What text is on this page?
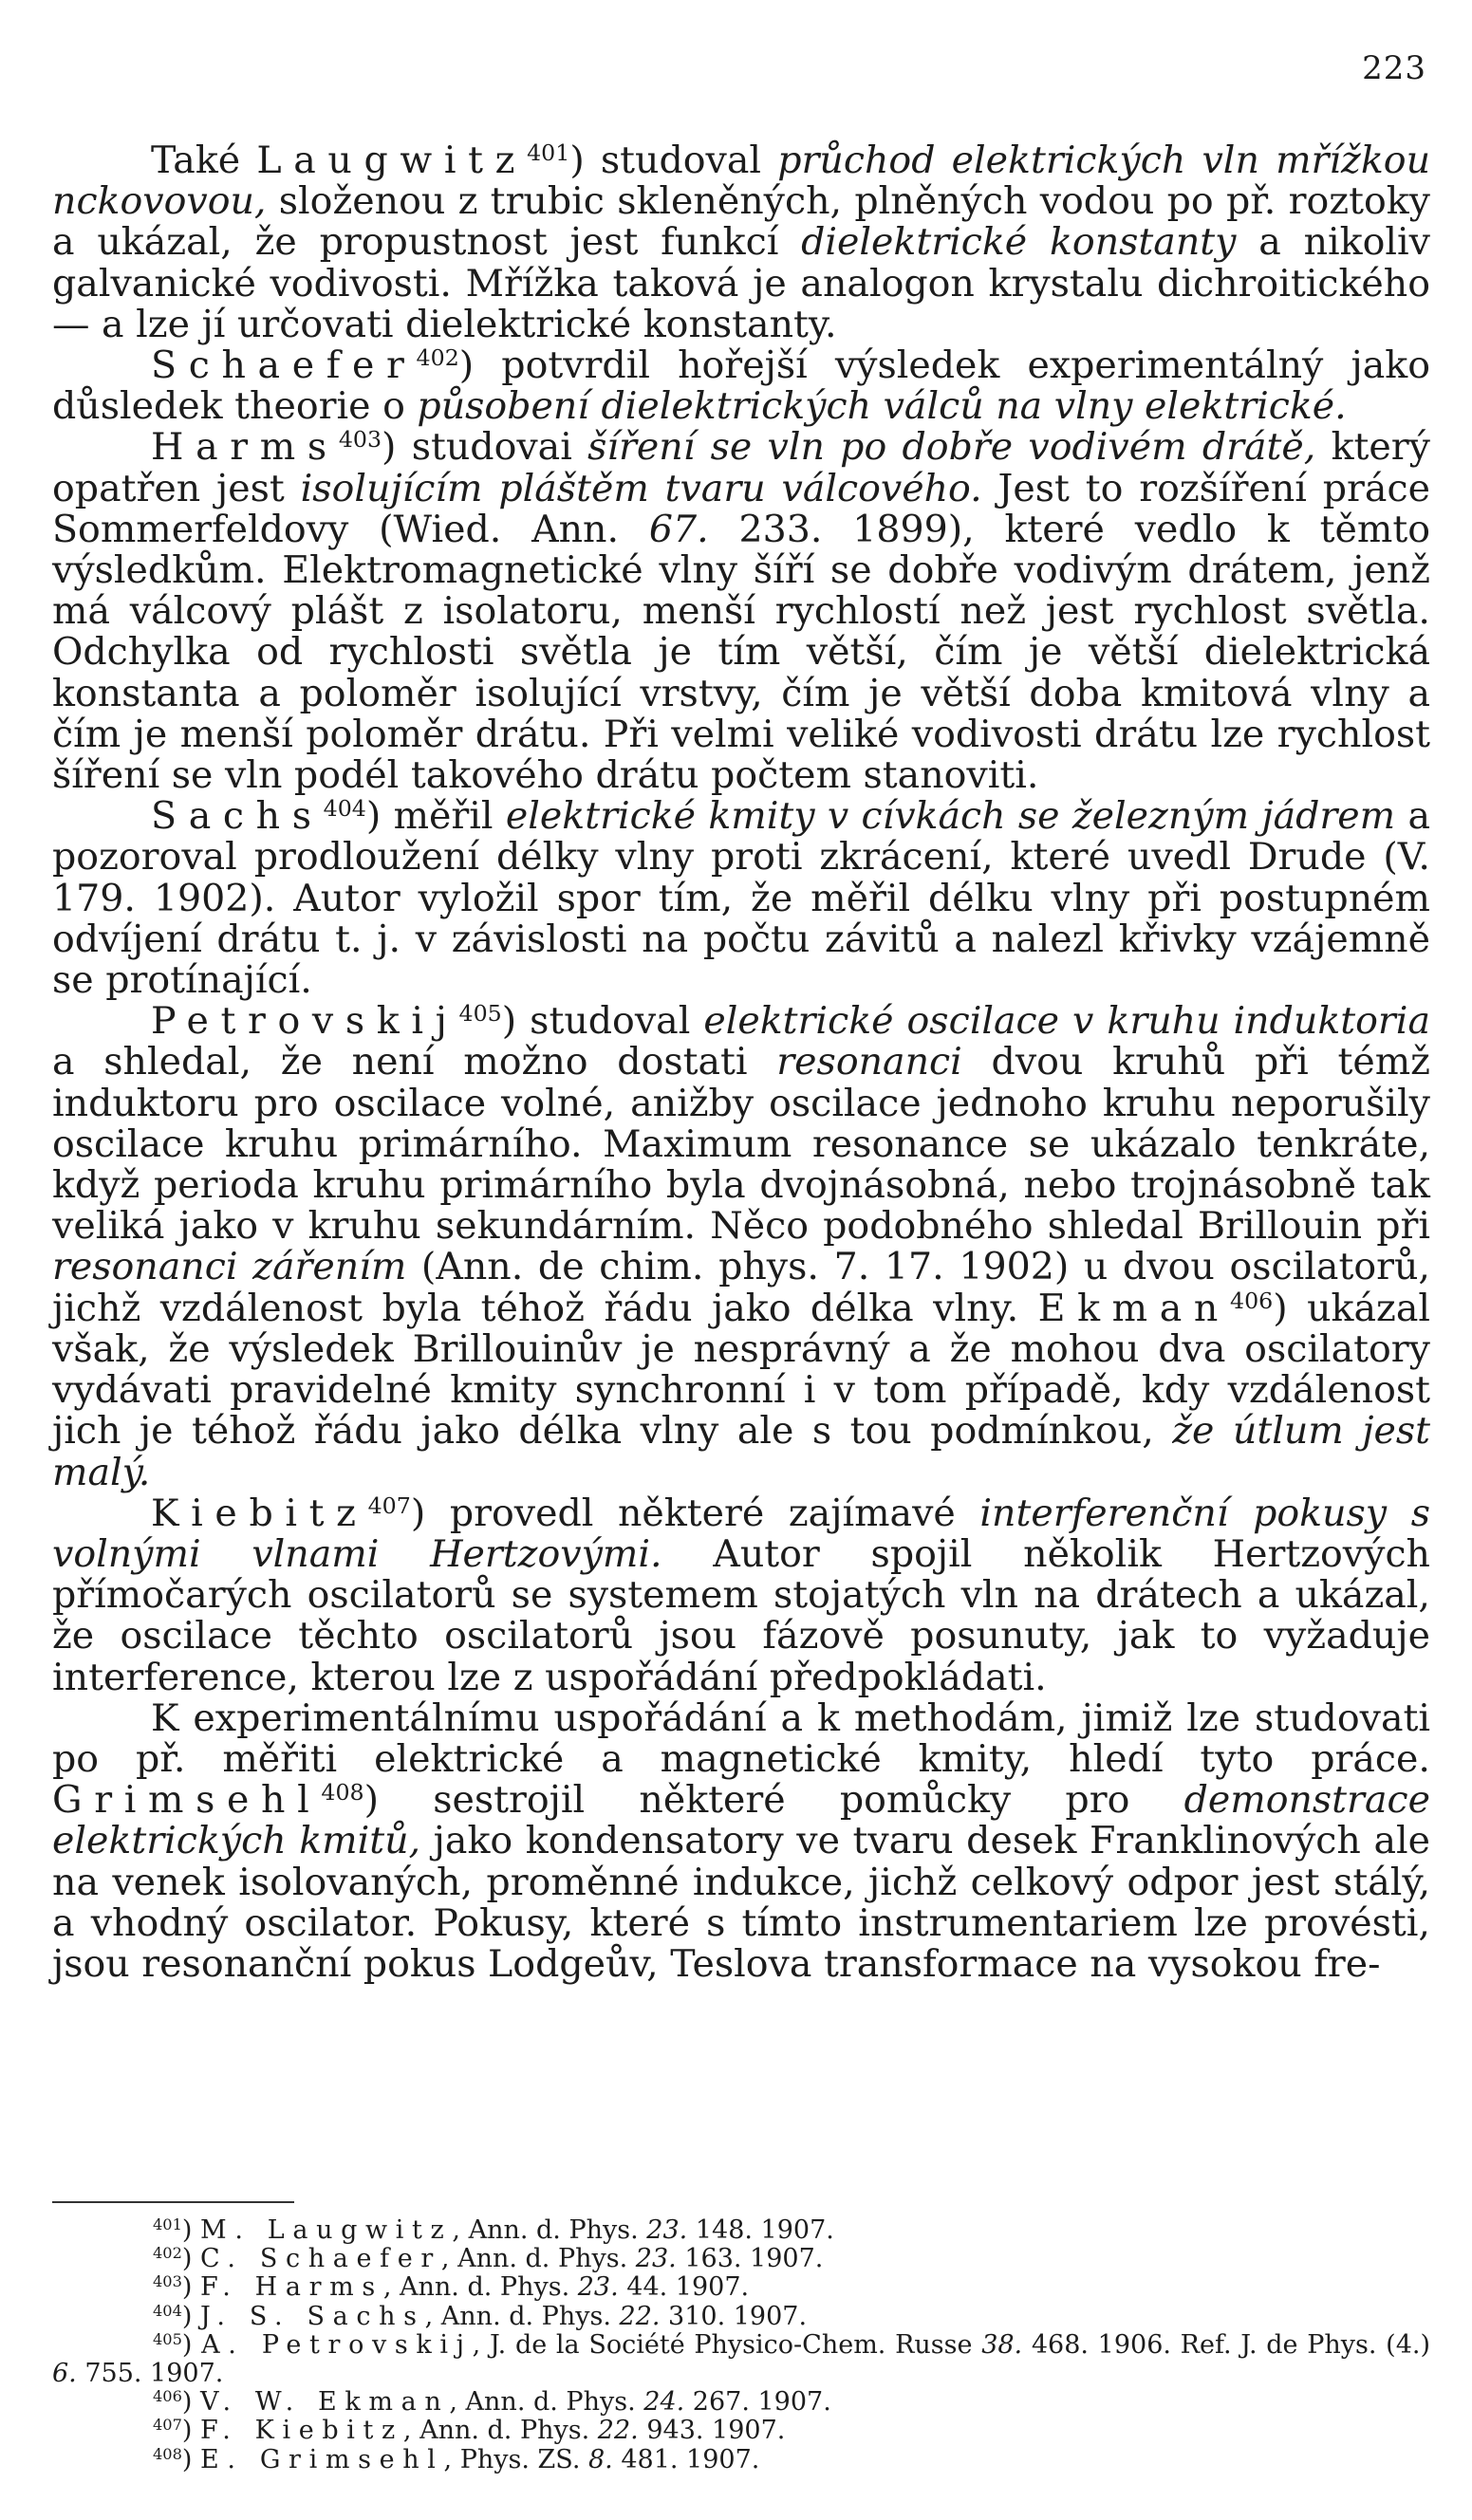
223

Také Laugwitz$^{401}$) studoval průchod elektrických vln mřížkou nckovovou, složenou z trubic skleněných, plněných vodou po př. roztoky a ukázal, že propustnost jest funkcí dielektrické konstanty a nikoliv galvanické vodivosti. Mřížka taková je analogon krystalu dichroitického — a lze jí určovati dielektrické konstanty.

Schaefer$^{402}$) potvrdil hořejší výsledek experimentálný jako důsledek theorie o působení dielektrických válců na vlny elektrické.

Harms$^{403}$) studovai šíření se vln po dobře vodivém drátě, který opatřen jest isolujícím pláštěm tvaru válcového. Jest to rozšíření práce Sommerfeldovy (Wied. Ann. 67. 233. 1899), které vedlo k těmto výsledkům. Elektromagnetické vlny šíří se dobře vodivým drátem, jenž má válcový plášt z isolatoru, menší rychlostí než jest rychlost světla. Odchylka od rychlosti světla je tím větší, čím je větší dielektrická konstanta a poloměr isolující vrstvy, čím je větší doba kmitová vlny a čím je menší poloměr drátu. Při velmi veliké vodivosti drátu lze rychlost šíření se vln podél takového drátu počtem stanoviti.

Sachs$^{404}$) měřil elektrické kmity v cívkách se železným jádrem a pozoroval prodloužení délky vlny proti zkrácení, které uvedl Drude (V. 179. 1902). Autor vyložil spor tím, že měřil délku vlny při postupném odvíjení drátu t. j. v závislosti na počtu závitů a nalezl křivky vzájemně se protínající.

Petrovskij$^{405}$) studoval elektrické oscilace v kruhu induktoria a shledal, že není možno dostati resonanci dvou kruhů při témž induktoru pro oscilace volné, anižby oscilace jednoho kruhu neporušily oscilace kruhu primárního. Maximum resonance se ukázalo tenkráte, když perioda kruhu primárního byla dvojnásobná, nebo trojnásobně tak veliká jako v kruhu sekundárním. Něco podobného shledal Brillouin při resonanci zářením (Ann. de chim. phys. 7. 17. 1902) u dvou oscilatorů, jichž vzdálenost byla téhož řádu jako délka vlny. Ekman$^{406}$) ukázal však, že výsledek Brillouinův je nesprávný a že mohou dva oscilatory vydávati pravidelné kmity synchronní i v tom případě, kdy vzdálenost jich je téhož řádu jako délka vlny ale s tou podmínkou, že útlum jest malý.

Kiebitz$^{407}$) provedl některé zajímavé interferenční pokusy s volnými vlnami Hertzovými. Autor spojil několik Hertzových přímočarých oscilatorů se systemem stojatých vln na drátech a ukázal, že oscilace těchto oscilatorů jsou fázově posunuty, jak to vyžaduje interference, kterou lze z uspořádání předpokládati.

K experimentálnímu uspořádání a k methodám, jimiž lze studovati po př. měřiti elektrické a magnetické kmity, hledí tyto práce. Grimsehl$^{408}$) sestrojil některé pomůcky pro demonstrace elektrických kmitů, jako kondensatory ve tvaru desek Franklinových ale na venek isolovaných, proměnné indukce, jichž celkový odpor jest stálý, a vhodný oscilator. Pokusy, které s tímto instrumentariem lze provésti, jsou resonanční pokus Lodgeův, Teslova transformace na vysokou fre-

$^{401}$) M. Laugwitz, Ann. d. Phys. 23. 148. 1907.

$^{402}$) C. Schaefer, Ann. d. Phys. 23. 163. 1907.

$^{403}$) F. Harms, Ann. d. Phys. 23. 44. 1907.

$^{404}$) J. S. Sachs, Ann. d. Phys. 22. 310. 1907.

$^{405}$) A. Petrovskij, J. de la Société Physico-Chem. Russe 38. 468. 1906. Ref. J. de Phys. (4.) 6. 755. 1907.

$^{406}$) V. W. Ekman, Ann. d. Phys. 24. 267. 1907.

$^{407}$) F. Kiebitz, Ann. d. Phys. 22. 943. 1907.

$^{408}$) E. Grimsehl, Phys. ZS. 8. 481. 1907.
